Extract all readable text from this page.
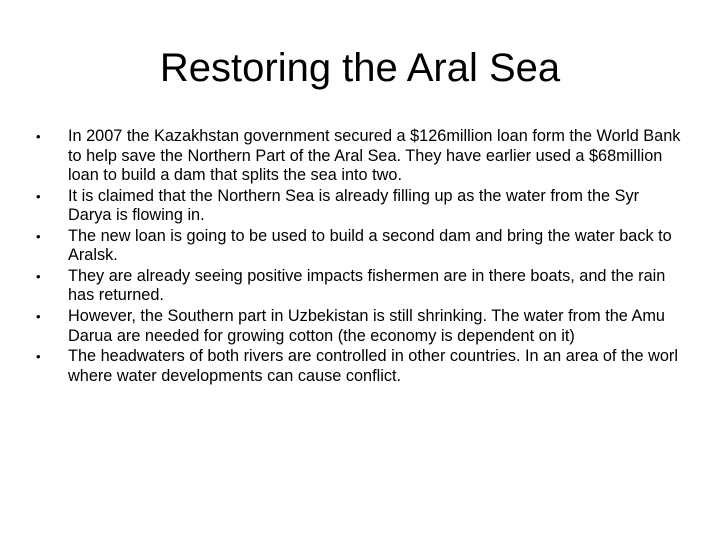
Restoring the Aral Sea
•	In 2007 the Kazakhstan government secured a $126million loan form the World Bank to help save the Northern Part of the Aral Sea. They have earlier used a $68million loan to build a dam that splits the sea into two.
•	It is claimed that the Northern Sea is already filling up as the water from the Syr Darya is flowing in.
•	The new loan is going to be used to build a second dam and bring the water back to Aralsk.
•	They are already seeing positive impacts fishermen are in there boats, and the rain has returned.
•	However, the Southern part in Uzbekistan is still shrinking. The water from the Amu Darua are needed for growing cotton (the economy is dependent on it)
•	The headwaters of both rivers are controlled in other countries. In an area of the worl where water developments can cause conflict.
